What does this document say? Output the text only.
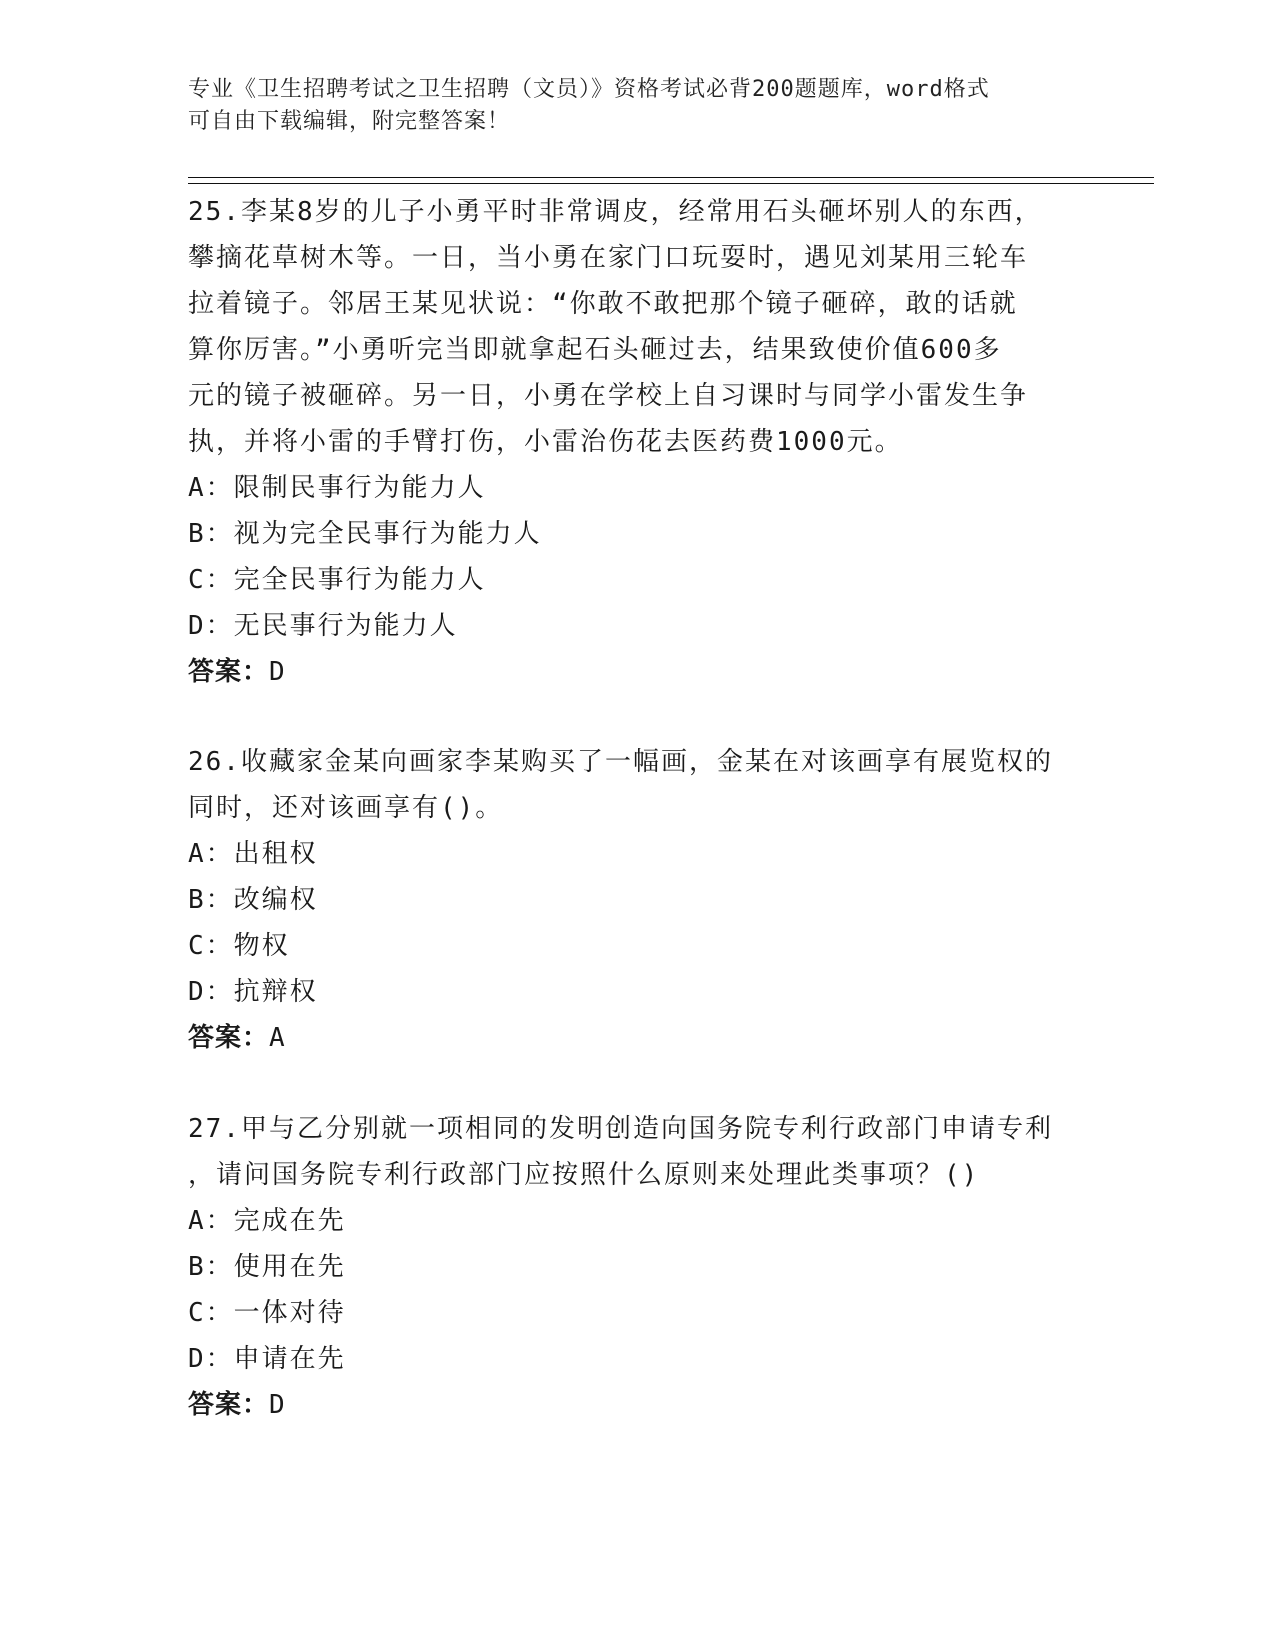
专业《卫生招聘考试之卫生招聘（文员）》资格考试必背200题题库，word格式
可自由下载编辑，附完整答案！
25.李某8岁的儿子小勇平时非常调皮，经常用石头砸坏别人的东西，
攀摘花草树木等。一日，当小勇在家门口玩耍时，遇见刘某用三轮车
拉着镜子。邻居王某见状说：“你敢不敢把那个镜子砸碎，敢的话就
算你厉害。”小勇听完当即就拿起石头砸过去，结果致使价值600多
元的镜子被砸碎。另一日，小勇在学校上自习课时与同学小雷发生争
执，并将小雷的手臂打伤，小雷治伤花去医药费1000元。
A：限制民事行为能力人
B：视为完全民事行为能力人
C：完全民事行为能力人
D：无民事行为能力人
答案：D
26.收藏家金某向画家李某购买了一幅画，金某在对该画享有展览权的
同时，还对该画享有()。
A：出租权
B：改编权
C：物权
D：抗辩权
答案：A
27.甲与乙分别就一项相同的发明创造向国务院专利行政部门申请专利
，请问国务院专利行政部门应按照什么原则来处理此类事项？()
A：完成在先
B：使用在先
C：一体对待
D：申请在先
答案：D
